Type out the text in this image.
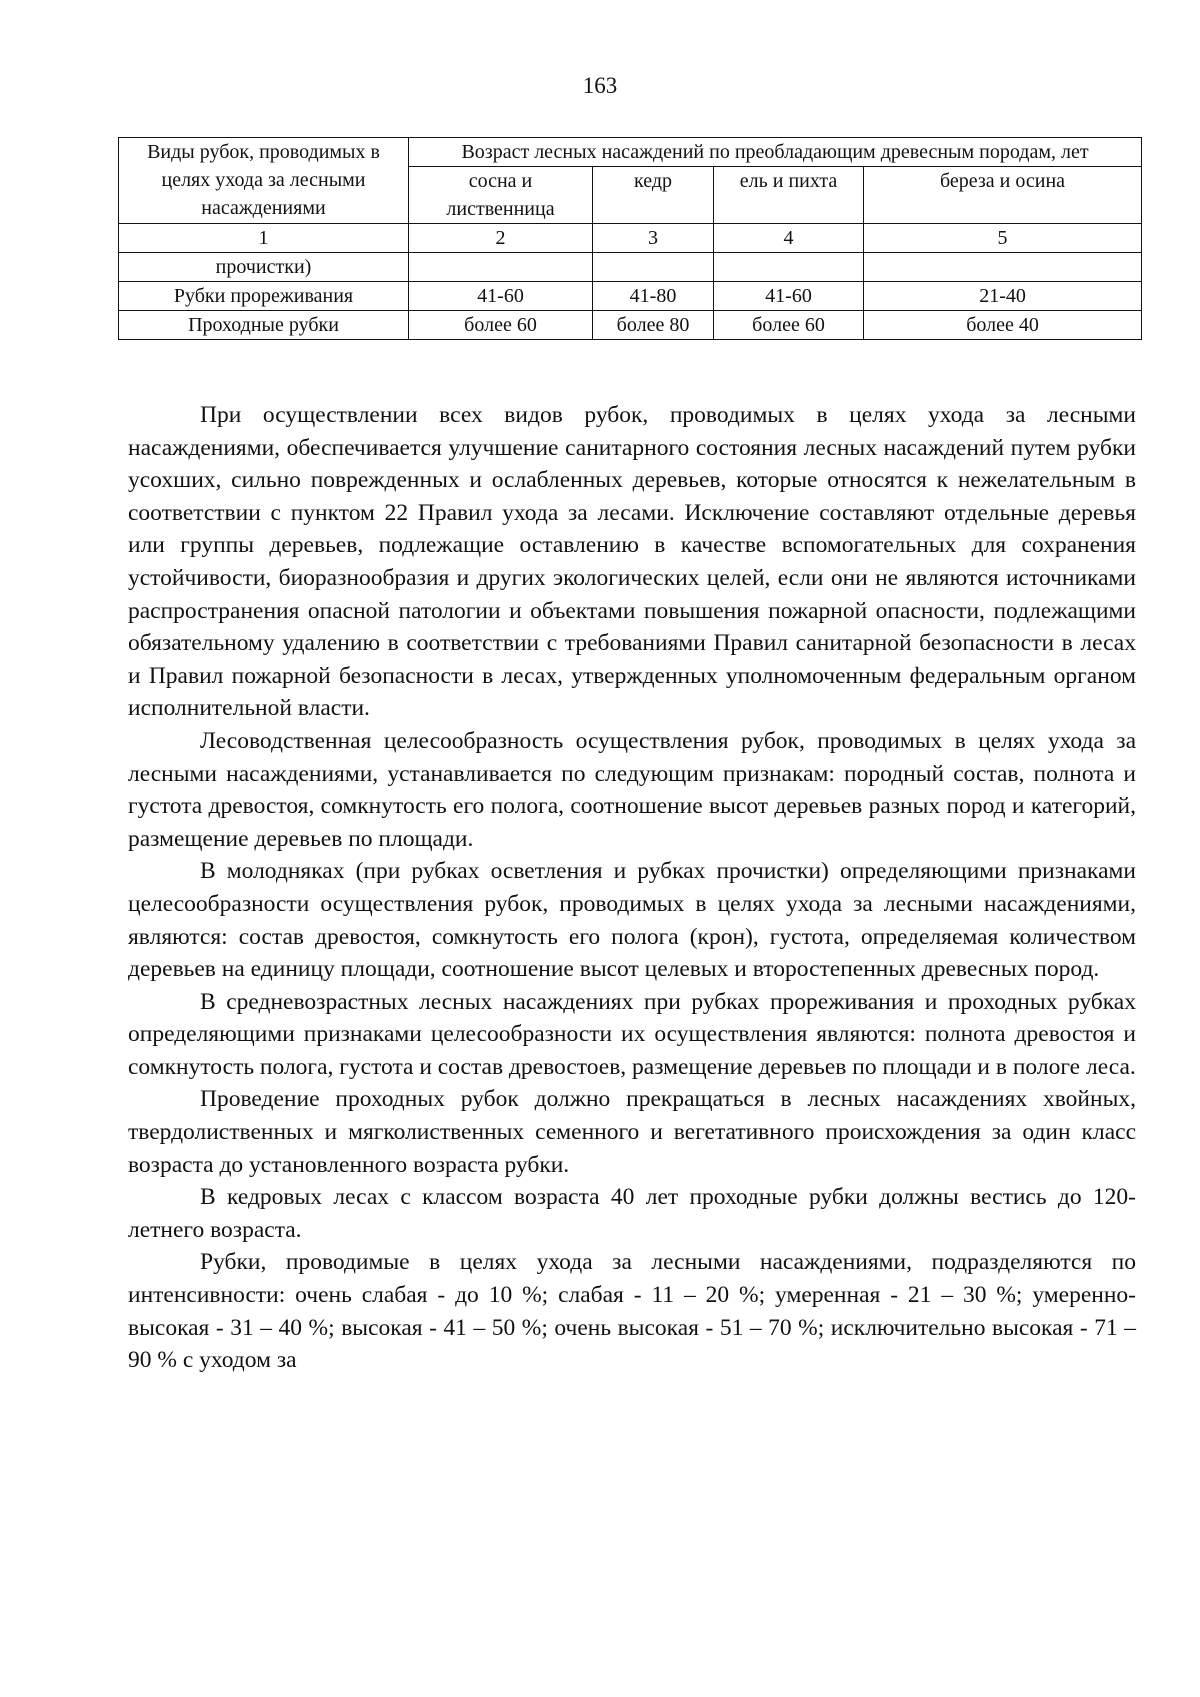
163
Виды рубок, проводимых в целях ухода за лесными насаждениями	Возраст лесных насаждений по преобладающим древесным породам, лет			
	сосна и лиственница	кедр	ель и пихта	береза и осина
1	2	3	4	5
прочистки)				
Рубки прореживания	41-60	41-80	41-60	21-40
Проходные рубки	более 60	более 80	более 60	более 40

При осуществлении всех видов рубок, проводимых в целях ухода за лесными насаждениями, обеспечивается улучшение санитарного состояния лесных насаждений путем рубки усохших, сильно поврежденных и ослабленных деревьев, которые относятся к нежелательным в соответствии с пунктом 22 Правил ухода за лесами. Исключение составляют отдельные деревья или группы деревьев, подлежащие оставлению в качестве вспомогательных для сохранения устойчивости, биоразнообразия и других экологических целей, если они не являются источниками распространения опасной патологии и объектами повышения пожарной опасности, подлежащими обязательному удалению в соответствии с требованиями Правил санитарной безопасности в лесах и Правил пожарной безопасности в лесах, утвержденных уполномоченным федеральным органом исполнительной власти.

Лесоводственная целесообразность осуществления рубок, проводимых в целях ухода за лесными насаждениями, устанавливается по следующим признакам: породный состав, полнота и густота древостоя, сомкнутость его полога, соотношение высот деревьев разных пород и категорий, размещение деревьев по площади.

В молодняках (при рубках осветления и рубках прочистки) определяющими признаками целесообразности осуществления рубок, проводимых в целях ухода за лесными насаждениями, являются: состав древостоя, сомкнутость его полога (крон), густота, определяемая количеством деревьев на единицу площади, соотношение высот целевых и второстепенных древесных пород.

В средневозрастных лесных насаждениях при рубках прореживания и проходных рубках определяющими признаками целесообразности их осуществления являются: полнота древостоя и сомкнутость полога, густота и состав древостоев, размещение деревьев по площади и в пологе леса.

Проведение проходных рубок должно прекращаться в лесных насаждениях хвойных, твердолиственных и мягколиственных семенного и вегетативного происхождения за один класс возраста до установленного возраста рубки.

В кедровых лесах с классом возраста 40 лет проходные рубки должны вестись до 120-летнего возраста.

Рубки, проводимые в целях ухода за лесными насаждениями, подразделяются по интенсивности: очень слабая - до 10 %; слабая - 11 – 20 %; умеренная - 21 – 30 %; умеренно-высокая - 31 – 40 %; высокая - 41 – 50 %; очень высокая - 51 – 70 %; исключительно высокая - 71 – 90 % с уходом за
